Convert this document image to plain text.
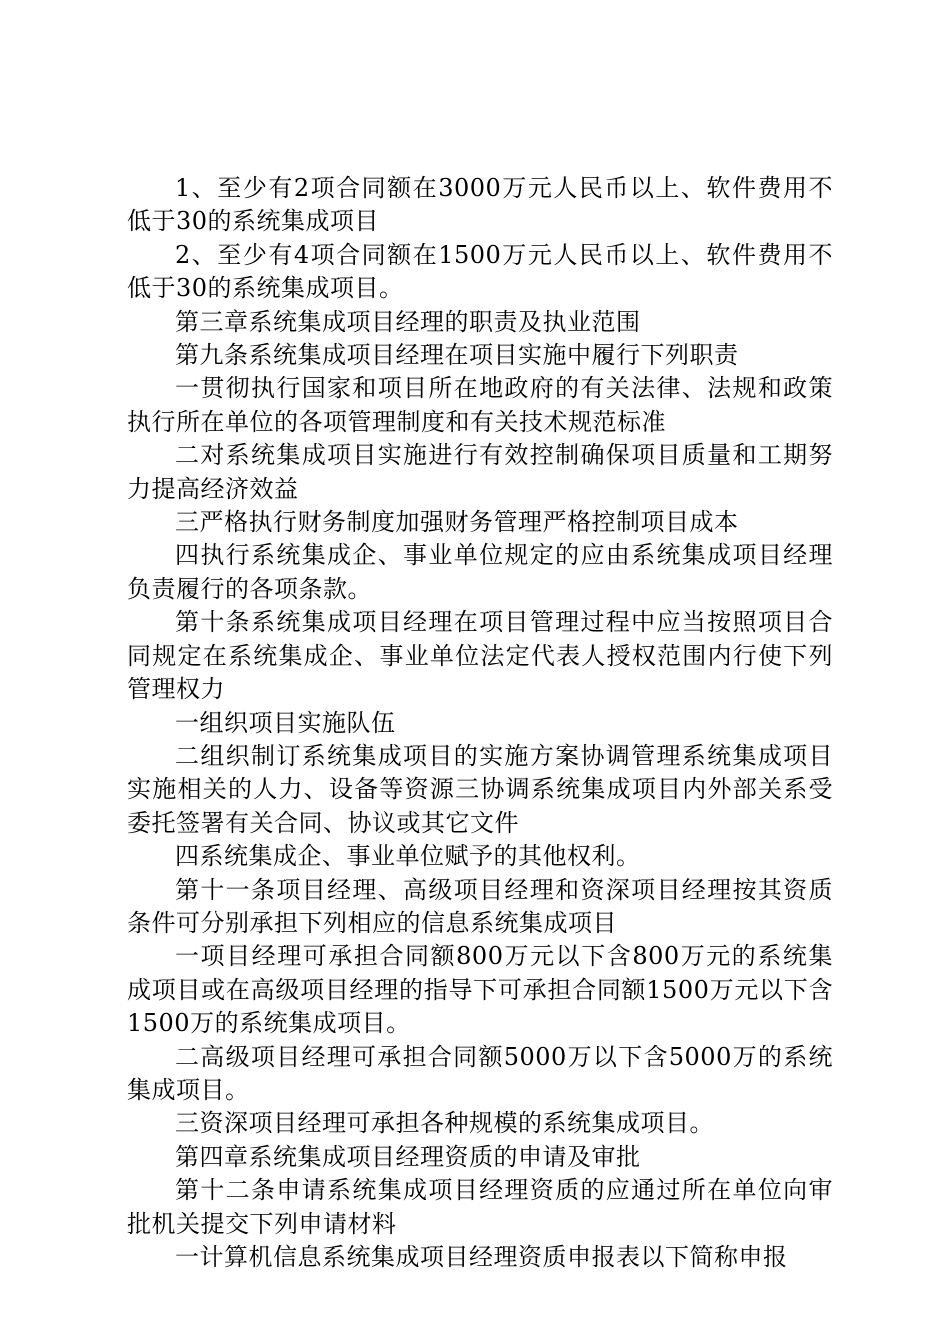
1、至少有2项合同额在3000万元人民币以上、软件费用不低于30的系统集成项目

2、至少有4项合同额在1500万元人民币以上、软件费用不低于30的系统集成项目。

第三章系统集成项目经理的职责及执业范围

第九条系统集成项目经理在项目实施中履行下列职责

一贯彻执行国家和项目所在地政府的有关法律、法规和政策执行所在单位的各项管理制度和有关技术规范标准

二对系统集成项目实施进行有效控制确保项目质量和工期努力提高经济效益

三严格执行财务制度加强财务管理严格控制项目成本

四执行系统集成企、事业单位规定的应由系统集成项目经理负责履行的各项条款。

第十条系统集成项目经理在项目管理过程中应当按照项目合同规定在系统集成企、事业单位法定代表人授权范围内行使下列管理权力

一组织项目实施队伍

二组织制订系统集成项目的实施方案协调管理系统集成项目实施相关的人力、设备等资源三协调系统集成项目内外部关系受委托签署有关合同、协议或其它文件

四系统集成企、事业单位赋予的其他权利。

第十一条项目经理、高级项目经理和资深项目经理按其资质条件可分别承担下列相应的信息系统集成项目

一项目经理可承担合同额800万元以下含800万元的系统集成项目或在高级项目经理的指导下可承担合同额1500万元以下含1500万的系统集成项目。

二高级项目经理可承担合同额5000万以下含5000万的系统集成项目。

三资深项目经理可承担各种规模的系统集成项目。

第四章系统集成项目经理资质的申请及审批

第十二条申请系统集成项目经理资质的应通过所在单位向审批机关提交下列申请材料

一计算机信息系统集成项目经理资质申报表以下简称申报
